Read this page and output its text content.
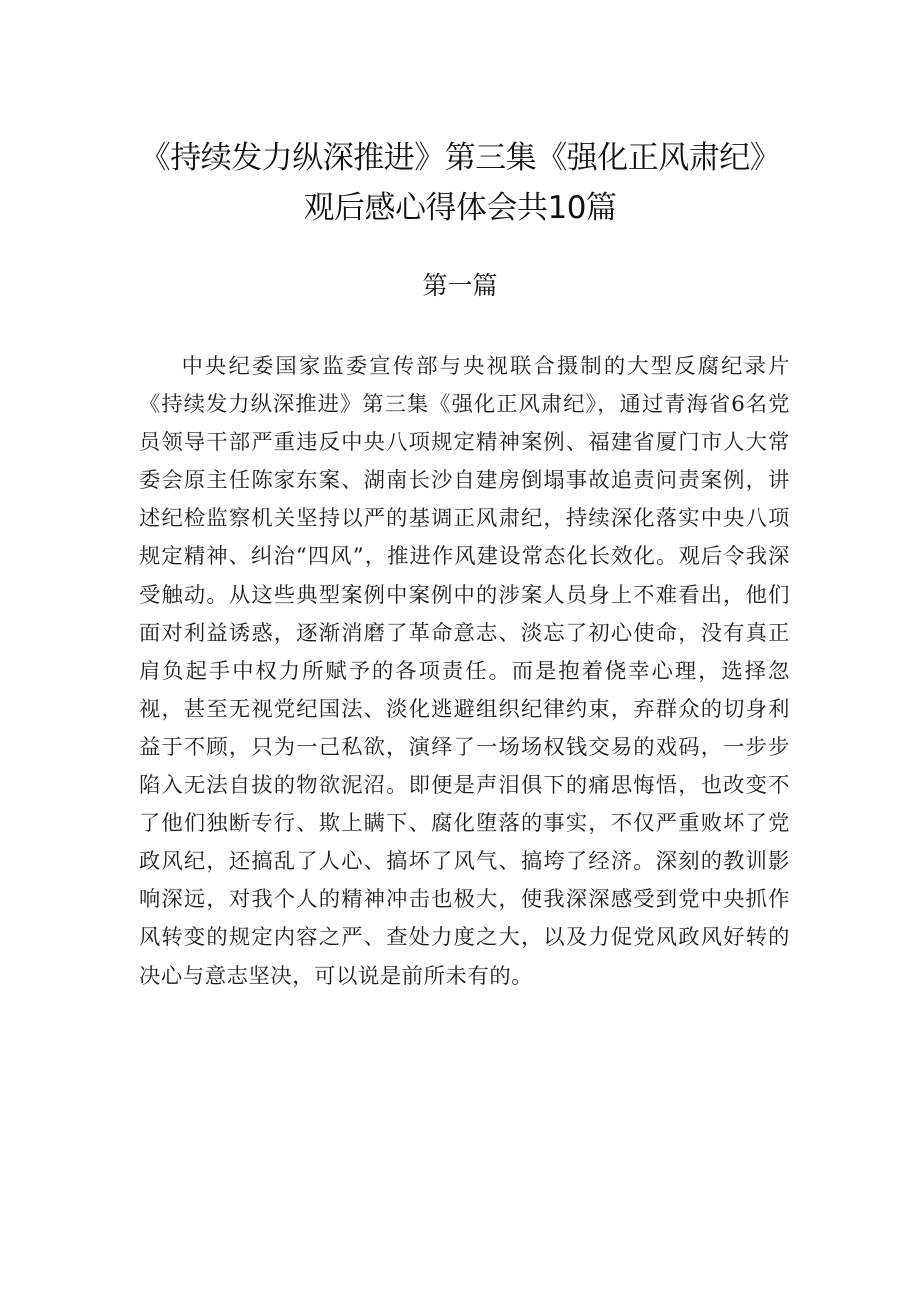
《持续发力纵深推进》第三集《强化正风肃纪》
观后感心得体会共10篇
第一篇

中央纪委国家监委宣传部与央视联合摄制的大型反腐纪录片《持续发力纵深推进》第三集《强化正风肃纪》，通过青海省6名党员领导干部严重违反中央八项规定精神案例、福建省厦门市人大常委会原主任陈家东案、湖南长沙自建房倒塌事故追责问责案例，讲述纪检监察机关坚持以严的基调正风肃纪，持续深化落实中央八项规定精神、纠治“四风”，推进作风建设常态化长效化。观后令我深受触动。从这些典型案例中案例中的涉案人员身上不难看出，他们面对利益诱惑，逐渐消磨了革命意志、淡忘了初心使命，没有真正肩负起手中权力所赋予的各项责任。而是抱着侥幸心理，选择忽视，甚至无视党纪国法、淡化逃避组织纪律约束，弃群众的切身利益于不顾，只为一己私欲，演绎了一场场权钱交易的戏码，一步步陷入无法自拔的物欲泥沼。即便是声泪俱下的痛思悔悟，也改变不了他们独断专行、欺上瞒下、腐化堕落的事实，不仅严重败坏了党政风纪，还搞乱了人心、搞坏了风气、搞垮了经济。深刻的教训影响深远，对我个人的精神冲击也极大，使我深深感受到党中央抓作风转变的规定内容之严、查处力度之大，以及力促党风政风好转的决心与意志坚决，可以说是前所未有的。
